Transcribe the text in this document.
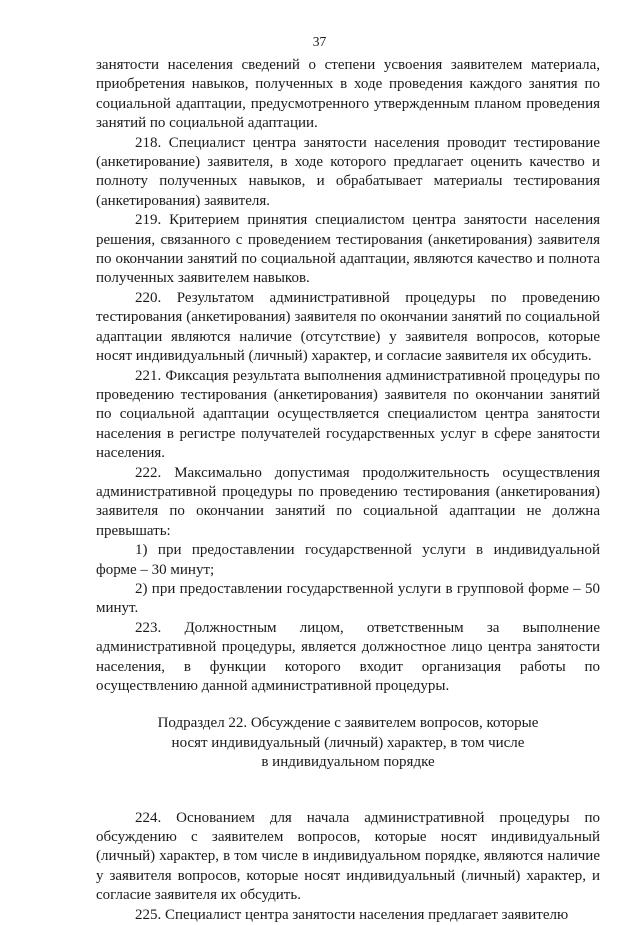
37

занятости населения сведений о степени усвоения заявителем материала, приобретения навыков, полученных в ходе проведения каждого занятия по социальной адаптации, предусмотренного утвержденным планом проведения занятий по социальной адаптации.

218. Специалист центра занятости населения проводит тестирование (анкетирование) заявителя, в ходе которого предлагает оценить качество и полноту полученных навыков, и обрабатывает материалы тестирования (анкетирования) заявителя.

219. Критерием принятия специалистом центра занятости населения решения, связанного с проведением тестирования (анкетирования) заявителя по окончании занятий по социальной адаптации, являются качество и полнота полученных заявителем навыков.

220. Результатом административной процедуры по проведению тестирования (анкетирования) заявителя по окончании занятий по социальной адаптации являются наличие (отсутствие) у заявителя вопросов, которые носят индивидуальный (личный) характер, и согласие заявителя их обсудить.

221. Фиксация результата выполнения административной процедуры по проведению тестирования (анкетирования) заявителя по окончании занятий по социальной адаптации осуществляется специалистом центра занятости населения в регистре получателей государственных услуг в сфере занятости населения.

222. Максимально допустимая продолжительность осуществления административной процедуры по проведению тестирования (анкетирования) заявителя по окончании занятий по социальной адаптации не должна превышать:

1) при предоставлении государственной услуги в индивидуальной форме – 30 минут;

2) при предоставлении государственной услуги в групповой форме – 50 минут.

223. Должностным лицом, ответственным за выполнение административной процедуры, является должностное лицо центра занятости населения, в функции которого входит организация работы по осуществлению данной административной процедуры.

Подраздел 22. Обсуждение с заявителем вопросов, которые
носят индивидуальный (личный) характер, в том числе
в индивидуальном порядке

224. Основанием для начала административной процедуры по обсуждению с заявителем вопросов, которые носят индивидуальный (личный) характер, в том числе в индивидуальном порядке, являются наличие у заявителя вопросов, которые носят индивидуальный (личный) характер, и согласие заявителя их обсудить.

225. Специалист центра занятости населения предлагает заявителю
